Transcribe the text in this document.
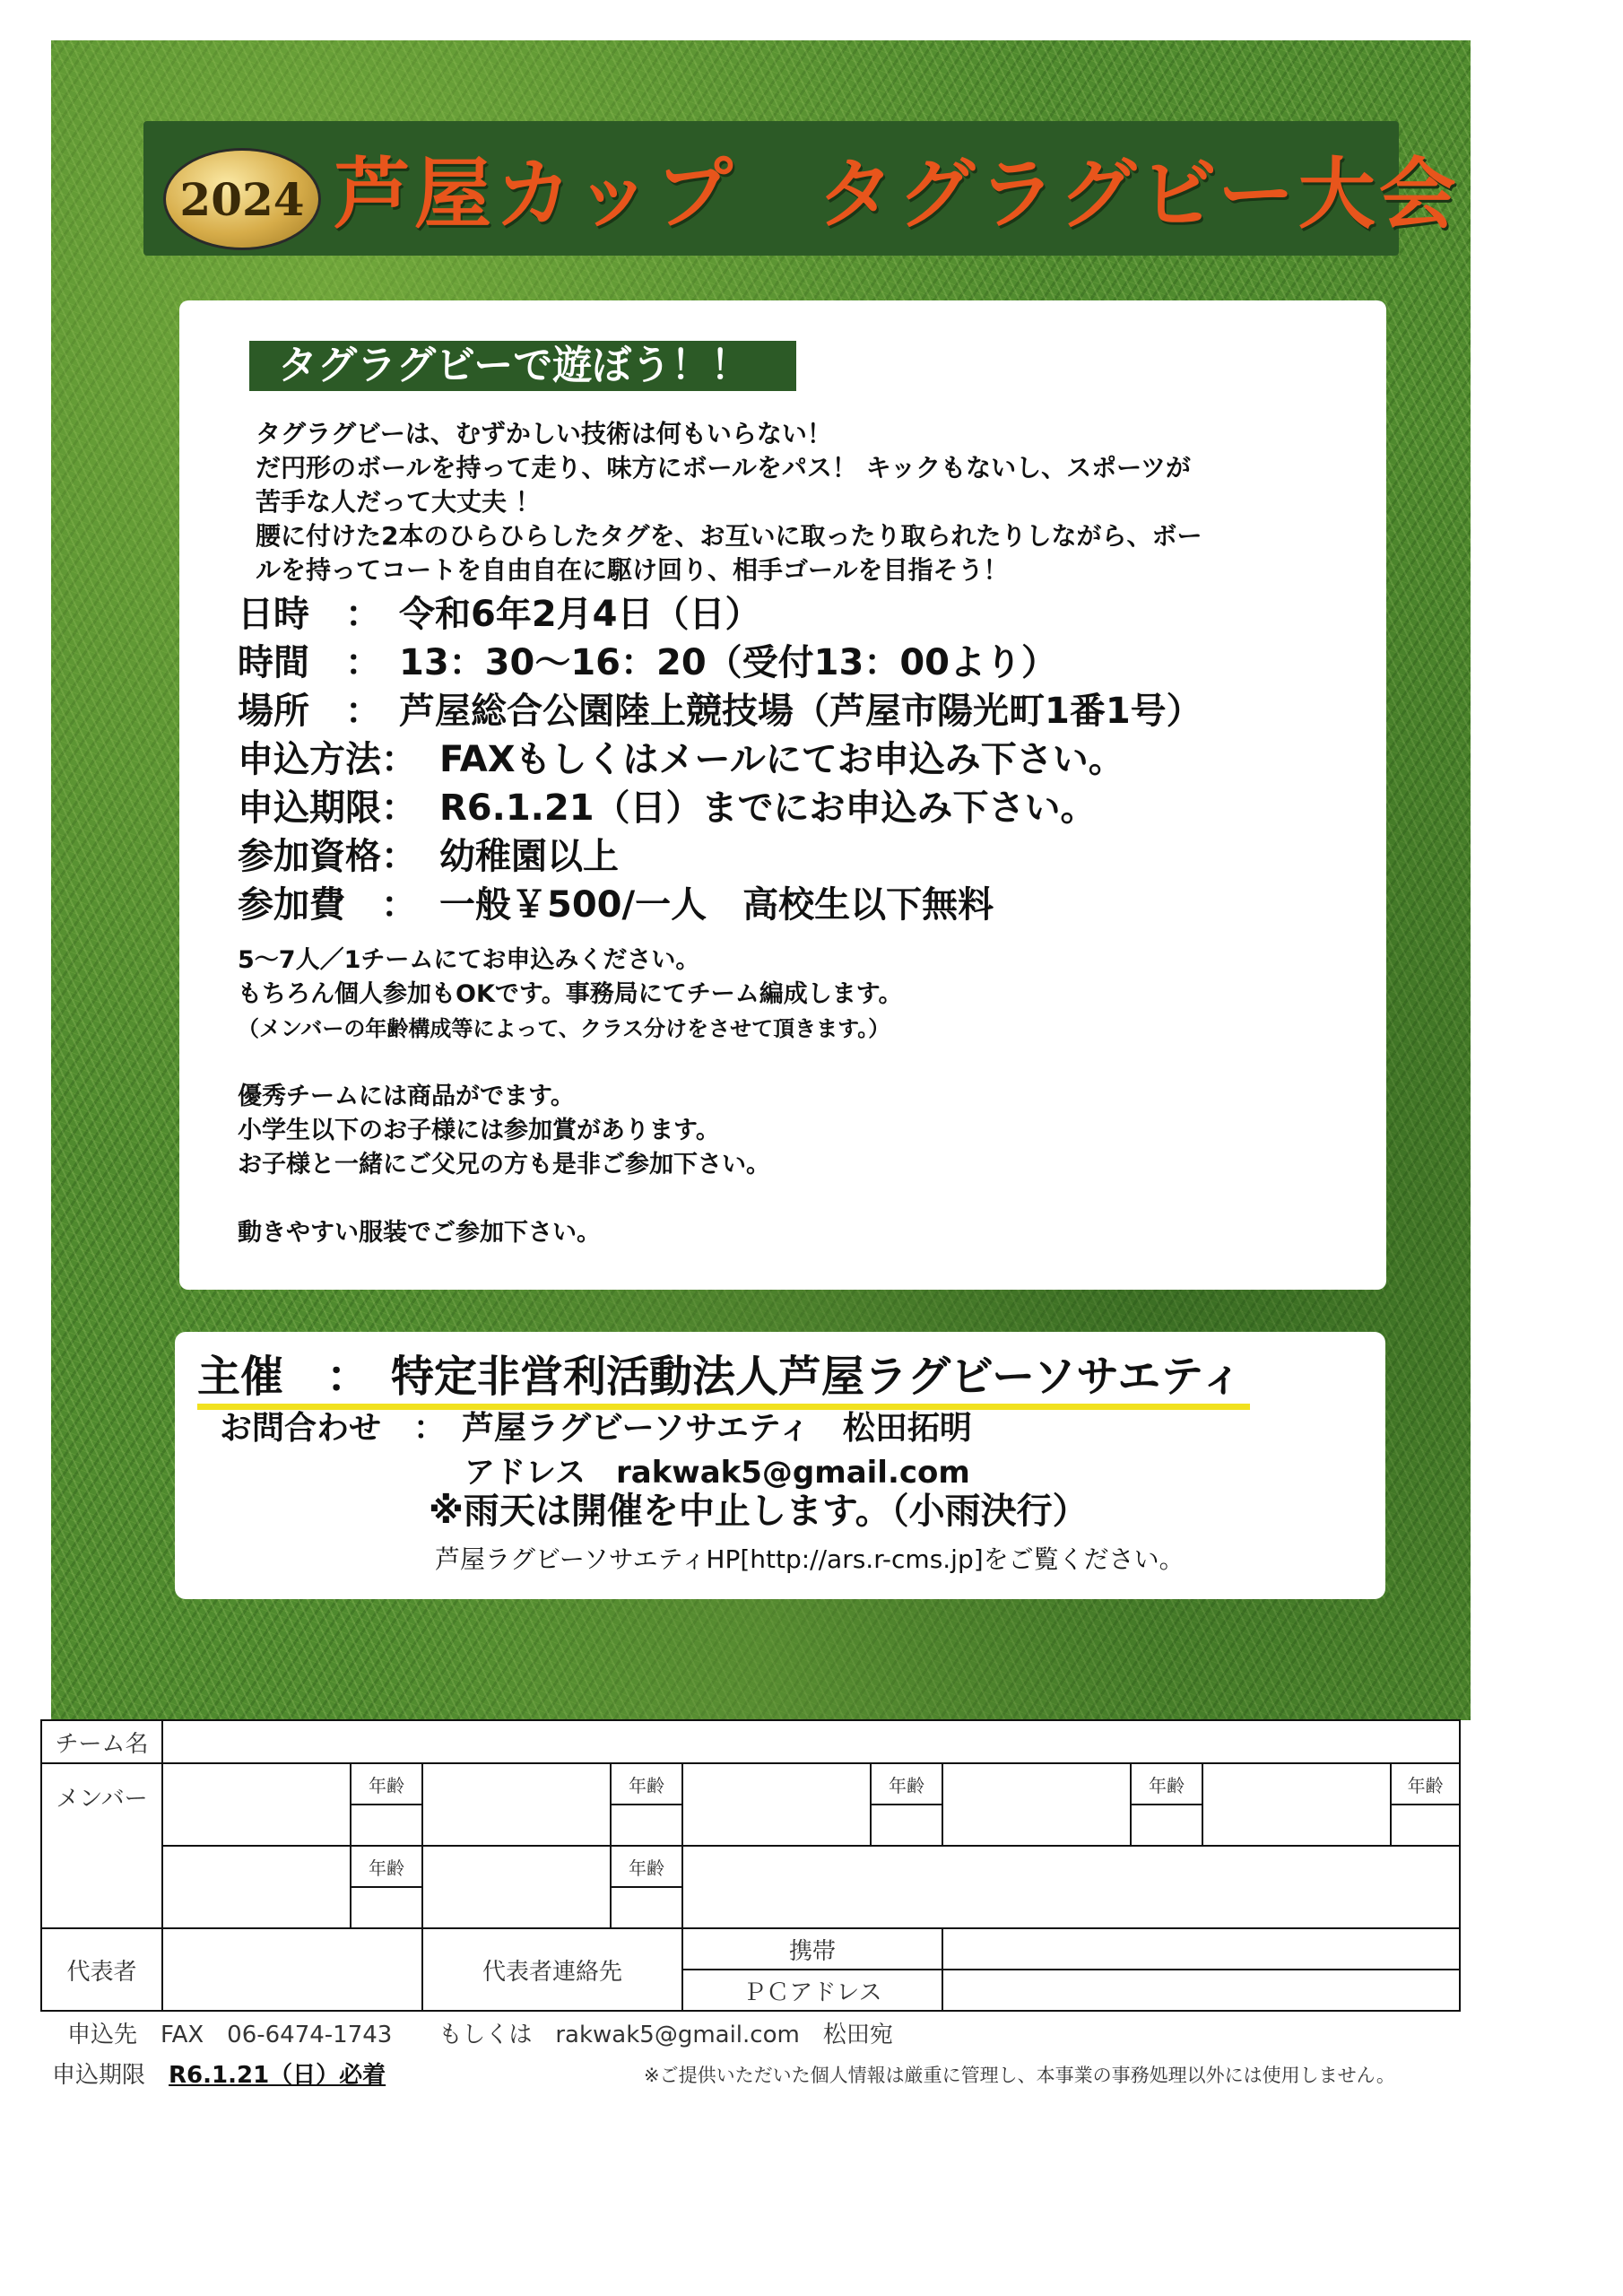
2024 芦屋カップ　タグラグビー大会
タグラグビーで遊ぼう！！
タグラグビーは、むずかしい技術は何もいらない！
だ円形のボールを持って走り、味方にボールをパス！ キックもないし、スポーツが
苦手な人だって大丈夫 ！
腰に付けた2本のひらひらしたタグを、お互いに取ったり取られたりしながら、ボー
ルを持ってコートを自由自在に駆け回り、相手ゴールを目指そう！
日時　： 令和6年2月4日（日）
時間　： 13：30～16：20（受付13：00より）
場所　： 芦屋総合公園陸上競技場（芦屋市陽光町1番1号）
申込方法： FAXもしくはメールにてお申込み下さい。
申込期限： R6.1.21（日）までにお申込み下さい。
参加資格： 幼稚園以上
参加費　： 一般￥500/一人　高校生以下無料
5～7人／1チームにてお申込みください。
もちろん個人参加もOKです。事務局にてチーム編成します。
（メンバーの年齢構成等によって、クラス分けをさせて頂きます。）
優秀チームには商品がでます。
小学生以下のお子様には参加賞があります。
お子様と一緒にご父兄の方も是非ご参加下さい。
動きやすい服装でご参加下さい。
主催　：　特定非営利活動法人芦屋ラグビーソサエティ
お問合わせ　：　 芦屋ラグビーソサエティ　松田拓明
アドレス　 rakwak5@gmail.com
※雨天は開催を中止します。（小雨決行）
芦屋ラグビーソサエティHP[http://ars.r-cms.jp]をご覧ください。
チーム名										
メンバー		年齢		年齢		年齢		年齢		年齢

		年齢		年齢						

代表者			代表者連絡先		携帯					
					ＰＣアドレス					
申込先　FAX　06-6474-1743　　もしくは　rakwak5@gmail.com　松田宛
申込期限　R6.1.21（日）必着	※ご提供いただいた個人情報は厳重に管理し、本事業の事務処理以外には使用しません。
